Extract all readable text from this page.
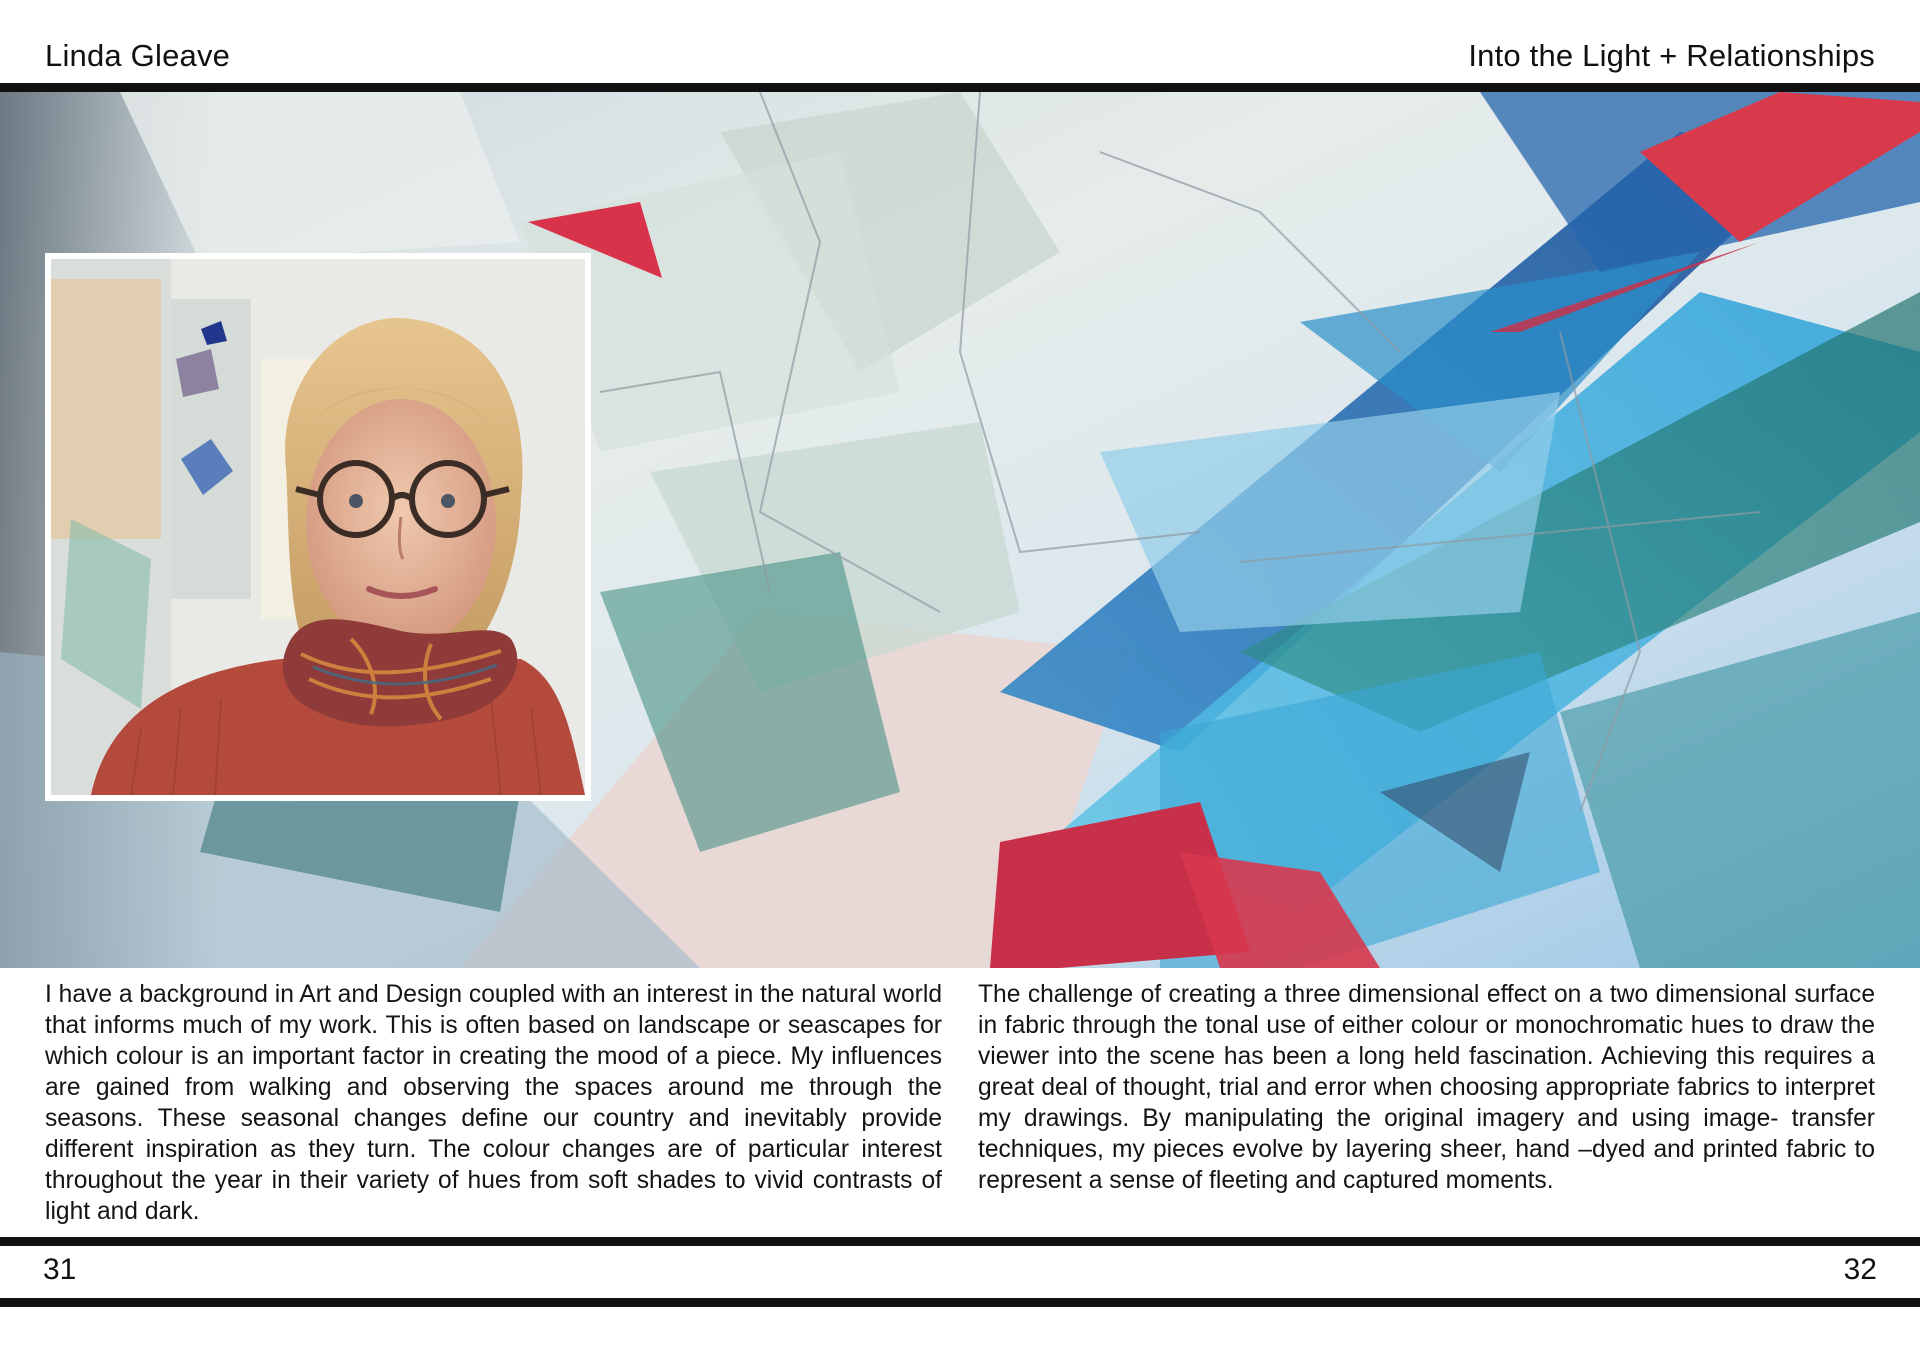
Linda Gleave	Into the Light + Relationships
I have a background in Art and Design coupled with an interest in the natural world that informs much of my work. This is often based on landscape or seascapes for which colour is an important factor in creating the mood of a piece. My influences are gained from walking and observing the spaces around me through the seasons. These seasonal changes define our country and inevitably provide different inspiration as they turn. The colour changes are of particular interest throughout the year in their variety of hues from soft shades to vivid contrasts of light and dark.
The challenge of creating a three dimensional effect on a two dimensional surface in fabric through the tonal use of either colour or monochromatic hues to draw the viewer into the scene has been a long held fascination. Achieving this requires a great deal of thought, trial and error when choosing appropriate fabrics to interpret my drawings. By manipulating the original imagery and using image- transfer techniques, my pieces evolve by layering sheer, hand –dyed and printed fabric to represent a sense of fleeting and captured moments.
31	32
